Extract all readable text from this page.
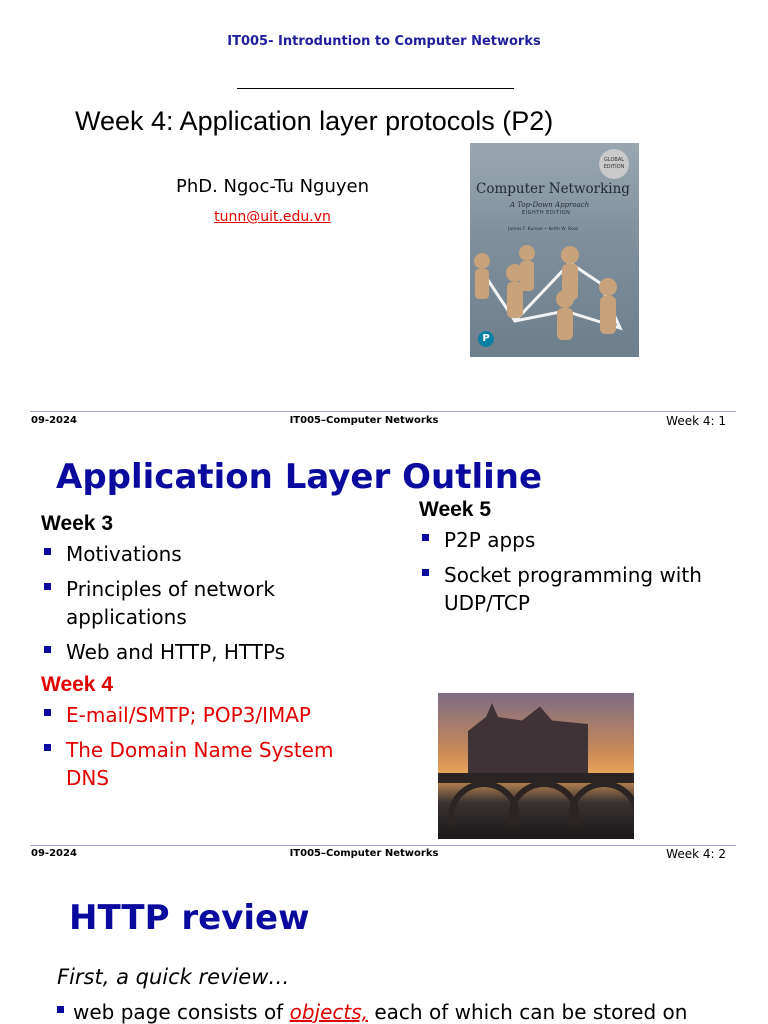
IT005- Introduntion to Computer Networks
Week 4: Application layer protocols (P2)
PhD. Ngoc-Tu Nguyen
tunn@uit.edu.vn
GLOBAL EDITION
Computer Networking
A Top-Down Approach
EIGHTH EDITION
James F. Kurose • Keith W. Ross
P
09-2024	IT005–Computer Networks	Week 4: 1
Application Layer Outline
Week 3
Motivations
Principles of network applications
Web and HTTP, HTTPs
Week 4
E-mail/SMTP; POP3/IMAP
The Domain Name System DNS
Week 5
P2P apps
Socket programming with UDP/TCP
09-2024	IT005–Computer Networks	Week 4: 2
HTTP review
First, a quick review…
web page consists of objects, each of which can be stored on
